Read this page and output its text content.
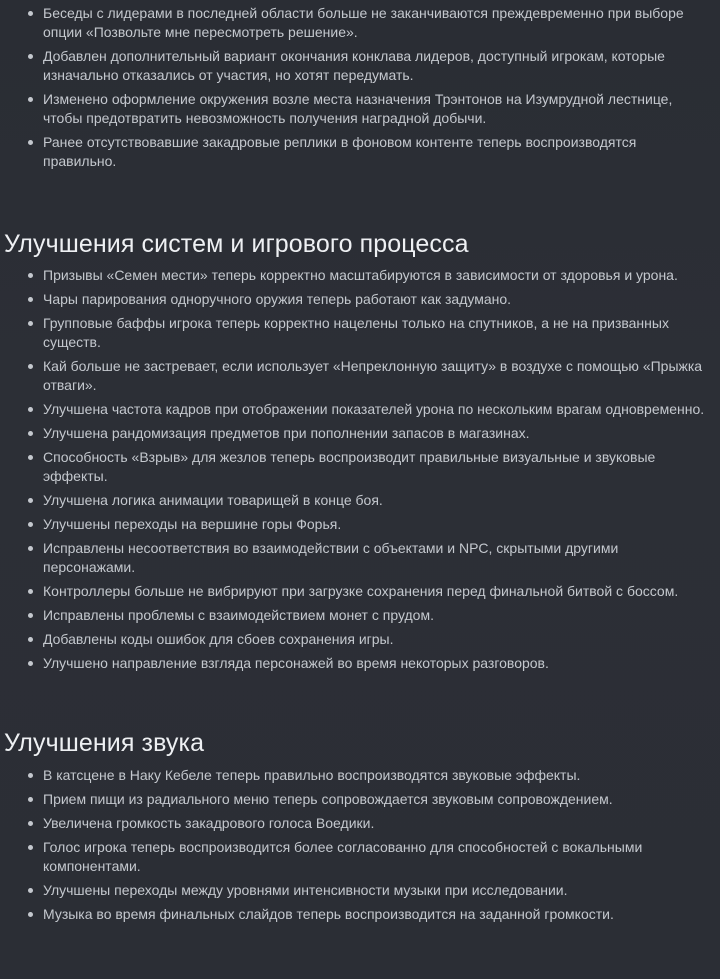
Беседы с лидерами в последней области больше не заканчиваются преждевременно при выборе опции «Позвольте мне пересмотреть решение».
Добавлен дополнительный вариант окончания конклава лидеров, доступный игрокам, которые изначально отказались от участия, но хотят передумать.
Изменено оформление окружения возле места назначения Трэнтонов на Изумрудной лестнице, чтобы предотвратить невозможность получения наградной добычи.
Ранее отсутствовавшие закадровые реплики в фоновом контенте теперь воспроизводятся правильно.
Улучшения систем и игрового процесса
Призывы «Семен мести» теперь корректно масштабируются в зависимости от здоровья и урона.
Чары парирования одноручного оружия теперь работают как задумано.
Групповые баффы игрока теперь корректно нацелены только на спутников, а не на призванных существ.
Кай больше не застревает, если использует «Непреклонную защиту» в воздухе с помощью «Прыжка отваги».
Улучшена частота кадров при отображении показателей урона по нескольким врагам одновременно.
Улучшена рандомизация предметов при пополнении запасов в магазинах.
Способность «Взрыв» для жезлов теперь воспроизводит правильные визуальные и звуковые эффекты.
Улучшена логика анимации товарищей в конце боя.
Улучшены переходы на вершине горы Форья.
Исправлены несоответствия во взаимодействии с объектами и NPC, скрытыми другими персонажами.
Контроллеры больше не вибрируют при загрузке сохранения перед финальной битвой с боссом.
Исправлены проблемы с взаимодействием монет с прудом.
Добавлены коды ошибок для сбоев сохранения игры.
Улучшено направление взгляда персонажей во время некоторых разговоров.
Улучшения звука
В катсцене в Наку Кебеле теперь правильно воспроизводятся звуковые эффекты.
Прием пищи из радиального меню теперь сопровождается звуковым сопровождением.
Увеличена громкость закадрового голоса Воедики.
Голос игрока теперь воспроизводится более согласованно для способностей с вокальными компонентами.
Улучшены переходы между уровнями интенсивности музыки при исследовании.
Музыка во время финальных слайдов теперь воспроизводится на заданной громкости.
